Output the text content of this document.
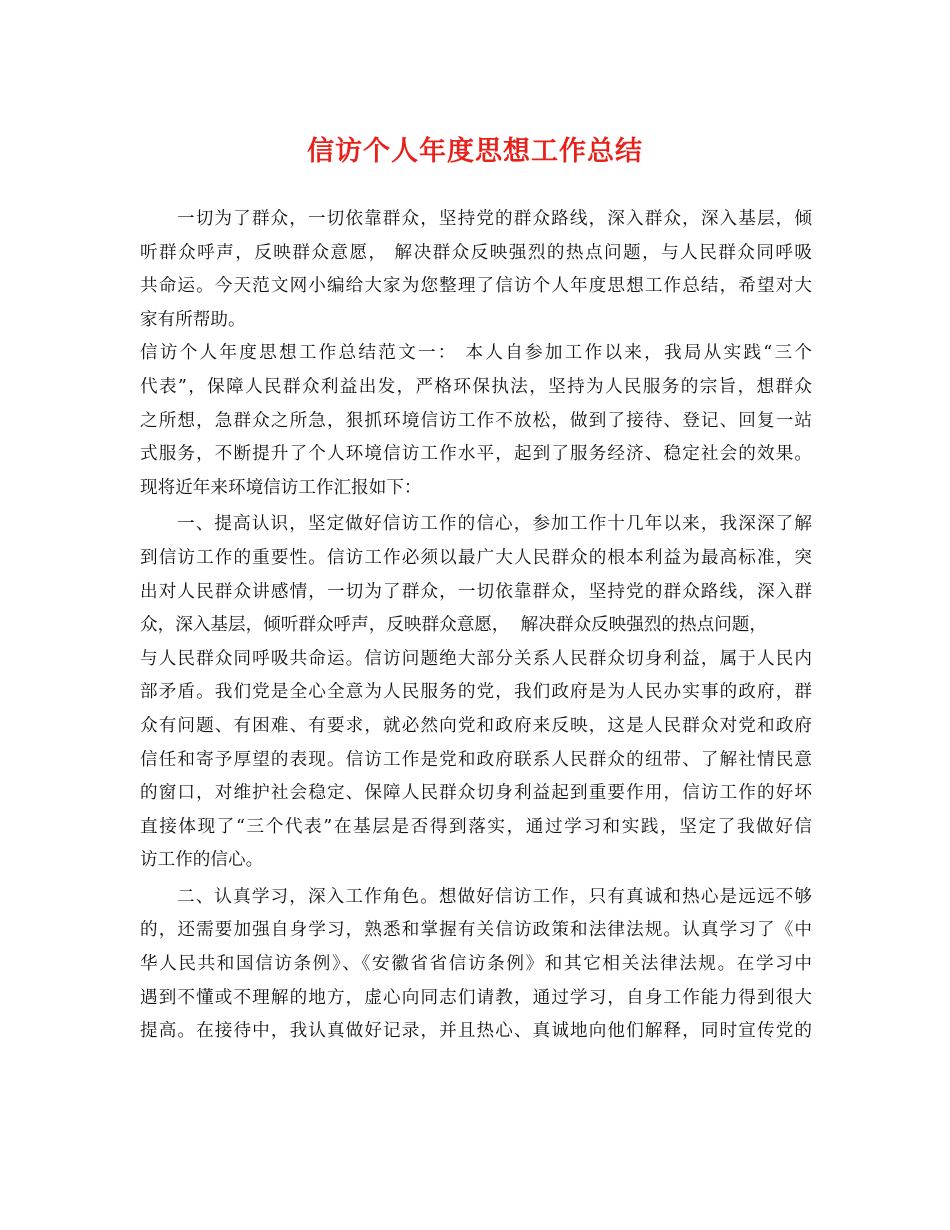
信访个人年度思想工作总结
一切为了群众，一切依靠群众，坚持党的群众路线，深入群众，深入基层，倾
听群众呼声，反映群众意愿， 解决群众反映强烈的热点问题，与人民群众同呼吸
共命运。今天范文网小编给大家为您整理了信访个人年度思想工作总结，希望对大
家有所帮助。
信访个人年度思想工作总结范文一： 本人自参加工作以来，我局从实践“三个
代表”，保障人民群众利益出发，严格环保执法，坚持为人民服务的宗旨，想群众
之所想，急群众之所急，狠抓环境信访工作不放松，做到了接待、登记、回复一站
式服务，不断提升了个人环境信访工作水平，起到了服务经济、稳定社会的效果。
现将近年来环境信访工作汇报如下：
一、提高认识，坚定做好信访工作的信心，参加工作十几年以来，我深深了解
到信访工作的重要性。信访工作必须以最广大人民群众的根本利益为最高标准，突
出对人民群众讲感情，一切为了群众，一切依靠群众，坚持党的群众路线，深入群
众，深入基层，倾听群众呼声，反映群众意愿，  解决群众反映强烈的热点问题，
与人民群众同呼吸共命运。信访问题绝大部分关系人民群众切身利益，属于人民内
部矛盾。我们党是全心全意为人民服务的党，我们政府是为人民办实事的政府，群
众有问题、有困难、有要求，就必然向党和政府来反映，这是人民群众对党和政府
信任和寄予厚望的表现。信访工作是党和政府联系人民群众的纽带、了解社情民意
的窗口，对维护社会稳定、保障人民群众切身利益起到重要作用，信访工作的好坏
直接体现了“三个代表”在基层是否得到落实，通过学习和实践，坚定了我做好信
访工作的信心。
二、认真学习，深入工作角色。想做好信访工作，只有真诚和热心是远远不够
的，还需要加强自身学习，熟悉和掌握有关信访政策和法律法规。认真学习了《中
华人民共和国信访条例》、《安徽省省信访条例》和其它相关法律法规。在学习中
遇到不懂或不理解的地方，虚心向同志们请教，通过学习，自身工作能力得到很大
提高。在接待中，我认真做好记录，并且热心、真诚地向他们解释，同时宣传党的
